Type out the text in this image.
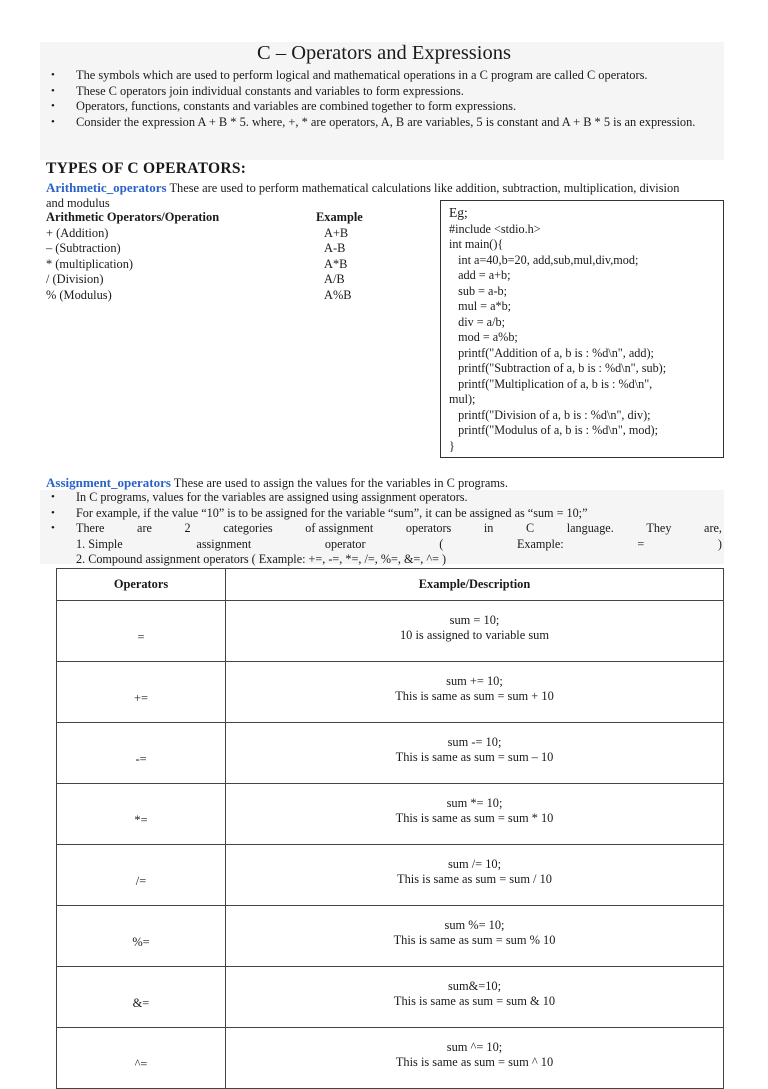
C – Operators and Expressions
• The symbols which are used to perform logical and mathematical operations in a C program are called C operators.
• These C operators join individual constants and variables to form expressions.
• Operators, functions, constants and variables are combined together to form expressions.
• Consider the expression A + B * 5. where, +, * are operators, A, B are variables, 5 is constant and A + B * 5 is an expression.
TYPES OF C OPERATORS:
Arithmetic_operators These are used to perform mathematical calculations like addition, subtraction, multiplication, division and modulus
Arithmetic Operators/Operation	Example
+ (Addition)	A+B
– (Subtraction)	A-B
* (multiplication)	A*B
/ (Division)	A/B
% (Modulus)	A%B
Eg;
#include <stdio.h>
int main(){
int a=40,b=20, add,sub,mul,div,mod;
add = a+b;
sub = a-b;
mul = a*b;
div = a/b;
mod = a%b;
printf("Addition of a, b is : %d\n", add);
printf("Subtraction of a, b is : %d\n", sub);
printf("Multiplication of a, b is : %d\n",
mul);
printf("Division of a, b is : %d\n", div);
printf("Modulus of a, b is : %d\n", mod);
}
Assignment_operators These are used to assign the values for the variables in C programs.
• In C programs, values for the variables are assigned using assignment operators.
• For example, if the value “10” is to be assigned for the variable “sum”, it can be assigned as “sum = 10;”
• There	are	2	categories	of assignment	operators	in	C	language.	They	are,
1. Simple	assignment	operator	(	Example:	=	)
2. Compound assignment operators ( Example: +=, -=, *=, /=, %=, &=, ^= )
Operators	Example/Description
=	sum = 10;
10 is assigned to variable sum

+=	sum += 10;
This is same as sum = sum + 10

-=	sum -= 10;
This is same as sum = sum – 10

*=	sum *= 10;
This is same as sum = sum * 10

/=	sum /= 10;
This is same as sum = sum / 10

%=	sum %= 10;
This is same as sum = sum % 10

&=	sum&=10;
This is same as sum = sum & 10

^=	sum ^= 10;
This is same as sum = sum ^ 10
